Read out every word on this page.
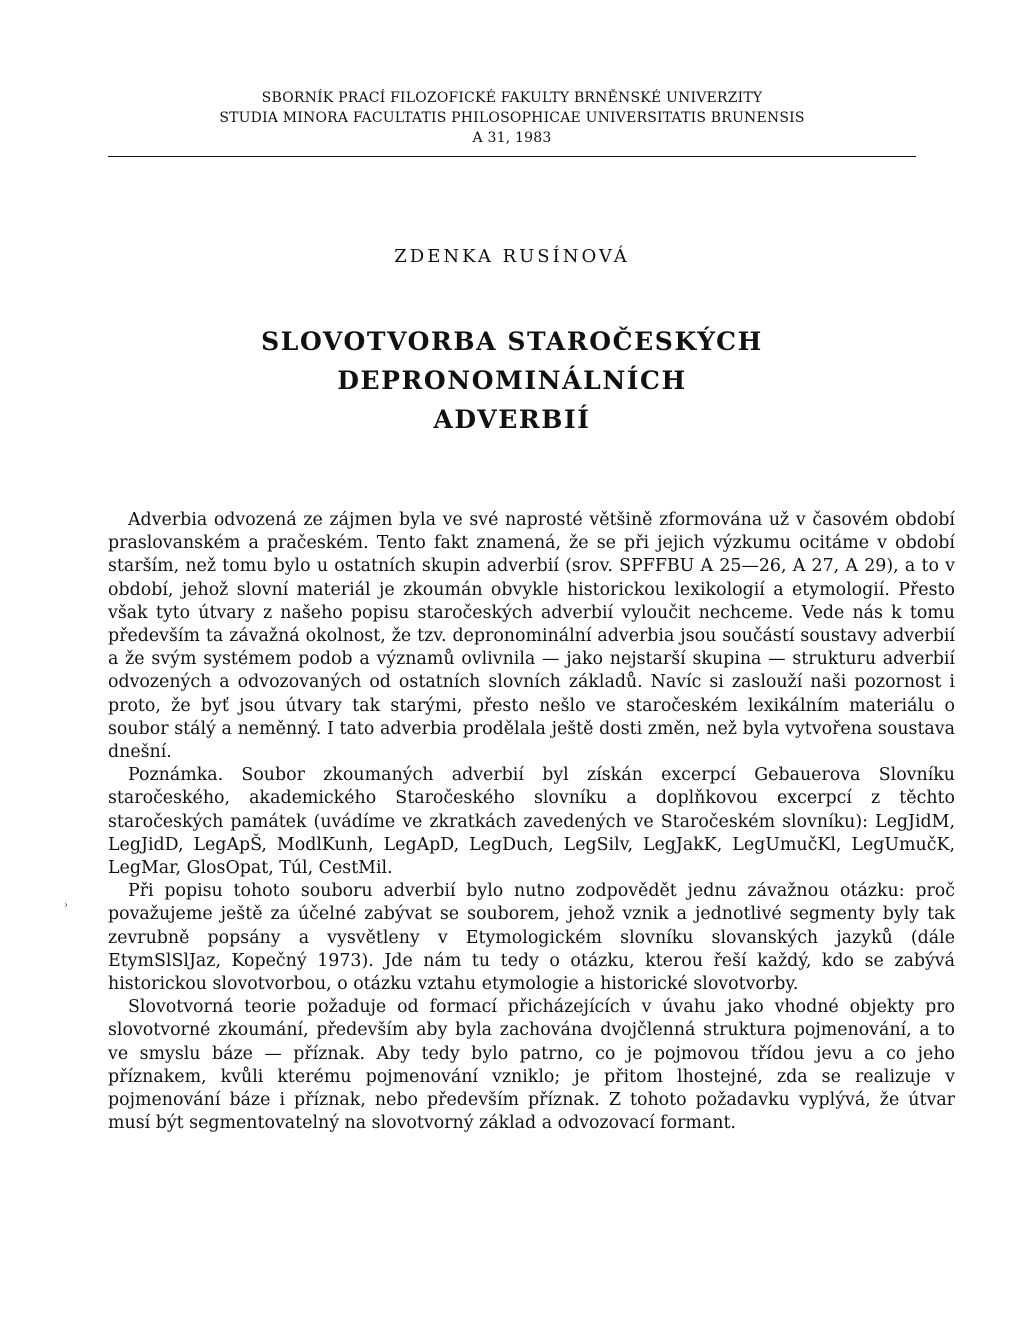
SBORNÍK PRACÍ FILOZOFICKÉ FAKULTY BRNĚNSKÉ UNIVERZITY
STUDIA MINORA FACULTATIS PHILOSOPHICAE UNIVERSITATIS BRUNENSIS
A 31, 1983
ZDENKA RUSÍNOVÁ
SLOVOTVORBA STAROČESKÝCH DEPRONOMINÁLNÍCH
ADVERBIÍ

Adverbia odvozená ze zájmen byla ve své naprosté většině zformována už v časovém období praslovanském a pračeském. Tento fakt znamená, že se při jejich výzkumu ocitáme v období starším, než tomu bylo u ostatních skupin adverbií (srov. SPFFBU A 25—26, A 27, A 29), a to v období, jehož slovní materiál je zkoumán obvykle historickou lexikologií a etymologií. Přesto však tyto útvary z našeho popisu staročeských adverbií vyloučit nechceme. Vede nás k tomu především ta závažná okolnost, že tzv. depronominální adverbia jsou součástí soustavy adverbií a že svým systémem podob a významů ovlivnila — jako nejstarší skupina — strukturu adverbií odvozených a odvozovaných od ostatních slovních základů. Navíc si zaslouží naši pozornost i proto, že byť jsou útvary tak starými, přesto nešlo ve staročeském lexikálním materiálu o soubor stálý a neměnný. I tato adverbia prodělala ještě dosti změn, než byla vytvořena soustava dnešní.

Poznámka. Soubor zkoumaných adverbií byl získán excerpcí Gebauerova Slovníku staročeského, akademického Staročeského slovníku a doplňkovou excerpcí z těchto staročeských památek (uvádíme ve zkratkách zavedených ve Staročeském slovníku): LegJidM, LegJidD, LegApŠ, ModlKunh, LegApD, LegDuch, LegSilv, LegJakK, LegUmučKl, LegUmučK, LegMar, GlosOpat, Túl, CestMil.

Při popisu tohoto souboru adverbií bylo nutno zodpovědět jednu závažnou otázku: proč považujeme ještě za účelné zabývat se souborem, jehož vznik a jednotlivé segmenty byly tak zevrubně popsány a vysvětleny v Etymologickém slovníku slovanských jazyků (dále EtymSlSlJaz, Kopečný 1973). Jde nám tu tedy o otázku, kterou řeší každý, kdo se zabývá historickou slovotvorbou, o otázku vztahu etymologie a historické slovotvorby.

Slovotvorná teorie požaduje od formací přicházejících v úvahu jako vhodné objekty pro slovotvorné zkoumání, především aby byla zachována dvojčlenná struktura pojmenování, a to ve smyslu báze — příznak. Aby tedy bylo patrno, co je pojmovou třídou jevu a co jeho příznakem, kvůli kterému pojmenování vzniklo; je přitom lhostejné, zda se realizuje v pojmenování báze i příznak, nebo především příznak. Z tohoto požadavku vyplývá, že útvar musí být segmentovatelný na slovotvorný základ a odvozovací formant.

›
